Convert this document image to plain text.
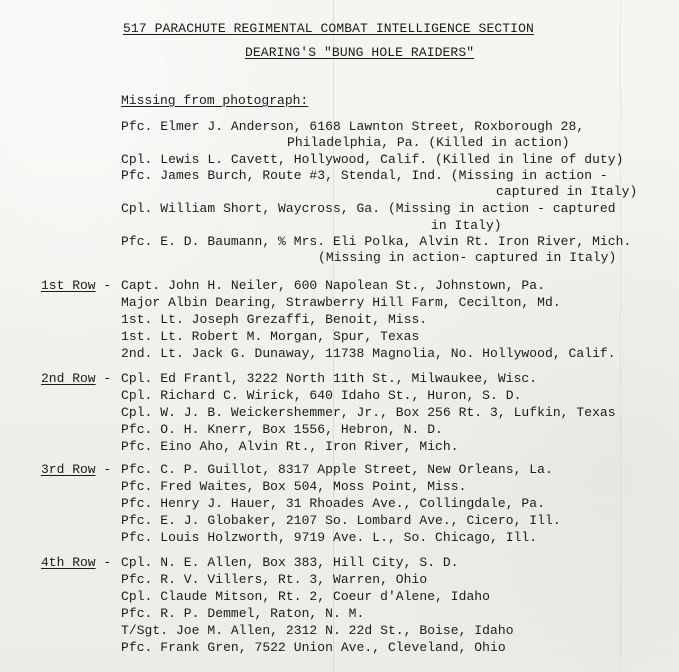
517 PARACHUTE REGIMENTAL COMBAT INTELLIGENCE SECTION
DEARING'S "BUNG HOLE RAIDERS"
Missing from photograph:
Pfc. Elmer J. Anderson, 6168 Lawnton Street, Roxborough 28,
Philadelphia, Pa. (Killed in action)
Cpl. Lewis L. Cavett, Hollywood, Calif. (Killed in line of duty)
Pfc. James Burch, Route #3, Stendal, Ind. (Missing in action -
captured in Italy)
Cpl. William Short, Waycross, Ga. (Missing in action - captured
in Italy)
Pfc. E. D. Baumann, % Mrs. Eli Polka, Alvin Rt. Iron River, Mich.
(Missing in action- captured in Italy)
1st Row - Capt. John H. Neiler, 600 Napolean St., Johnstown, Pa.
Major Albin Dearing, Strawberry Hill Farm, Cecilton, Md.
1st. Lt. Joseph Grezaffi, Benoit, Miss.
1st. Lt. Robert M. Morgan, Spur, Texas
2nd. Lt. Jack G. Dunaway, 11738 Magnolia, No. Hollywood, Calif.
2nd Row - Cpl. Ed Frantl, 3222 North 11th St., Milwaukee, Wisc.
Cpl. Richard C. Wirick, 640 Idaho St., Huron, S. D.
Cpl. W. J. B. Weickershemmer, Jr., Box 256 Rt. 3, Lufkin, Texas
Pfc. O. H. Knerr, Box 1556, Hebron, N. D.
Pfc. Eino Aho, Alvin Rt., Iron River, Mich.
3rd Row - Pfc. C. P. Guillot, 8317 Apple Street, New Orleans, La.
Pfc. Fred Waites, Box 504, Moss Point, Miss.
Pfc. Henry J. Hauer, 31 Rhoades Ave., Collingdale, Pa.
Pfc. E. J. Globaker, 2107 So. Lombard Ave., Cicero, Ill.
Pfc. Louis Holzworth, 9719 Ave. L., So. Chicago, Ill.
4th Row - Cpl. N. E. Allen, Box 383, Hill City, S. D.
Pfc. R. V. Villers, Rt. 3, Warren, Ohio
Cpl. Claude Mitson, Rt. 2, Coeur d'Alene, Idaho
Pfc. R. P. Demmel, Raton, N. M.
T/Sgt. Joe M. Allen, 2312 N. 22d St., Boise, Idaho
Pfc. Frank Gren, 7522 Union Ave., Cleveland, Ohio
